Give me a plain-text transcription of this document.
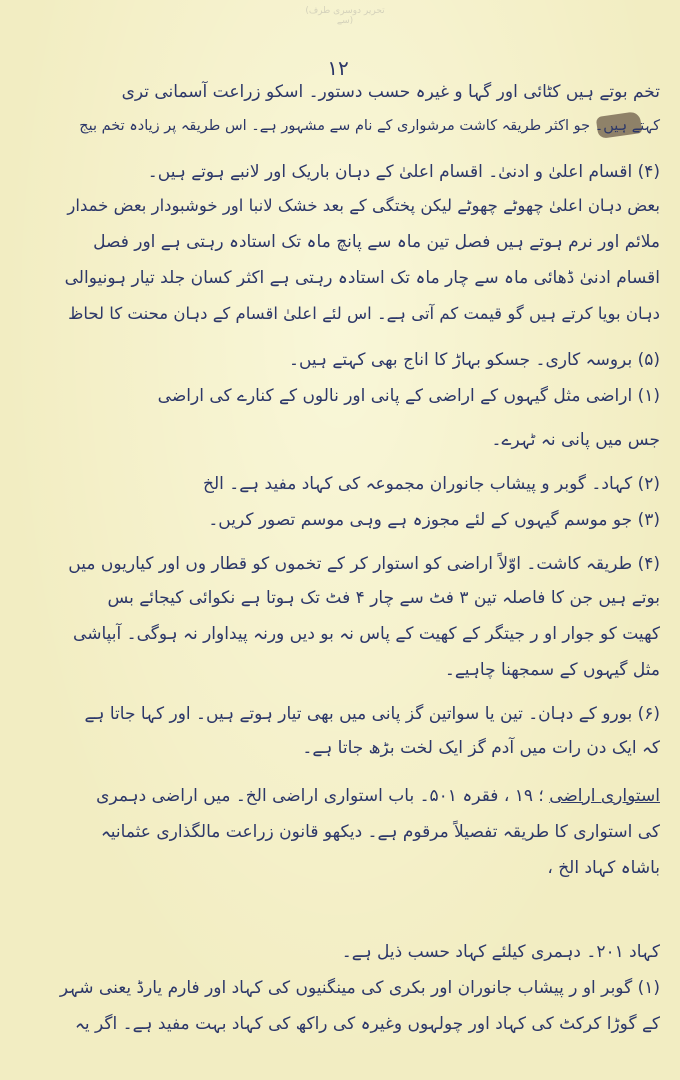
(تحریر دوسری طرف سے)
۱۲
تخم بوتے ہیں کٹائی اور گہا و غیرہ حسب دستور۔ اسکو زراعت آسمانی تری
کہتے ہیں۔ جو اکثر طریقہ کاشت مرشواری کے نام سے مشہور ہے۔ اس طریقہ پر زیادہ تخم بیج
(۴) اقسام اعلیٰ و ادنیٰ۔ اقسام اعلیٰ کے دہان باریک اور لانبے ہوتے ہیں۔
بعض دہان اعلیٰ چھوٹے چھوٹے لیکن پختگی کے بعد خشک لانبا اور خوشبودار بعض خمدار
ملائم اور نرم ہوتے ہیں فصل تین ماہ سے پانچ ماہ تک استادہ رہتی ہے اور فصل
اقسام ادنیٰ ڈھائی ماہ سے چار ماہ تک استادہ رہتی ہے اکثر کسان جلد تیار ہونیوالی
دہان بویا کرتے ہیں گو قیمت کم آتی ہے۔ اس لئے اعلیٰ اقسام کے دہان محنت کا لحاظ
(۵) بروسہ کاری۔ جسکو بہاڑ کا اناج بھی کہتے ہیں۔
(۱) اراضی مثل گیہوں کے اراضی کے پانی اور نالوں کے کنارے کی اراضی
جس میں پانی نہ ٹہرے۔
(۲) کہاد۔ گوبر و پیشاب جانوران مجموعہ کی کہاد مفید ہے۔ الخ
(۳) جو موسم گیہوں کے لئے مجوزہ ہے وہی موسم تصور کریں۔
(۴) طریقہ کاشت۔ اوّلاً اراضی کو استوار کر کے تخموں کو قطار وں اور کیاریوں میں
بوتے ہیں جن کا فاصلہ تین ۳ فٹ سے چار ۴ فٹ تک ہوتا ہے نکوائی کیجائے بس
کھیت کو جوار او ر جیتگر کے کھیت کے پاس نہ بو دیں ورنہ پیداوار نہ ہوگی۔ آبپاشی
مثل گیہوں کے سمجھنا چاہیے۔
(۶) بورو کے دہان۔ تین یا سواتین گز پانی میں بھی تیار ہوتے ہیں۔ اور کہا جاتا ہے
کہ ایک دن رات میں آدم گز ایک لخت بڑھ جاتا ہے۔
استواری اراضی ؛ ۱۹ ، فقرہ ۵۰۱۔ باب استواری اراضی الخ۔ میں اراضی دہمری
کی استواری کا طریقہ تفصیلاً مرقوم ہے۔ دیکھو قانون زراعت مالگذاری عثمانیہ
باشاہ کہاد الخ ،
کہاد ۲۰۱۔ دہمری کیلئے کہاد حسب ذیل ہے۔
(۱) گوبر او ر پیشاب جانوران اور بکری کی مینگنیوں کی کہاد اور فارم یارڈ یعنی شہر
کے گوڑا کرکٹ کی کہاد اور چولہوں وغیرہ کی راکھ کی کہاد بہت مفید ہے۔ اگر یہ
